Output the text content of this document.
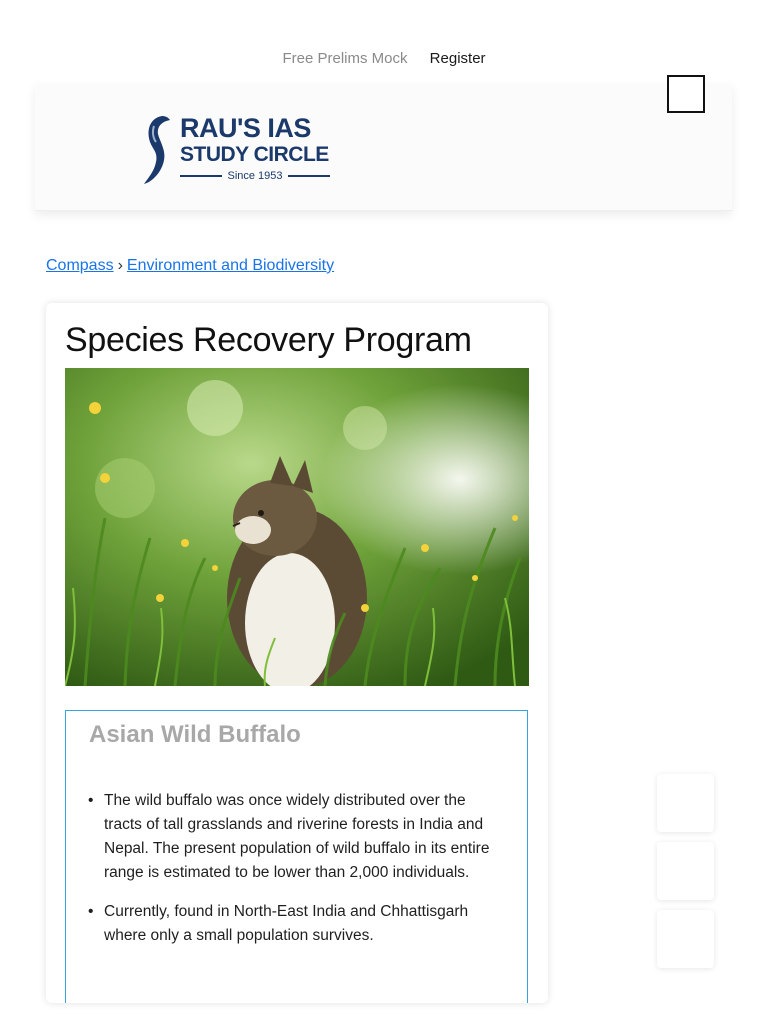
Free Prelims Mock Register
RAU'S IAS
STUDY CIRCLE
Since 1953
Compass › Environment and Biodiversity
Species Recovery Program
Asian Wild Buffalo
• The wild buffalo was once widely distributed over the tracts of tall grasslands and riverine forests in India and Nepal. The present population of wild buffalo in its entire range is estimated to be lower than 2,000 individuals.
• Currently, found in North-East India and Chhattisgarh where only a small population survives.
